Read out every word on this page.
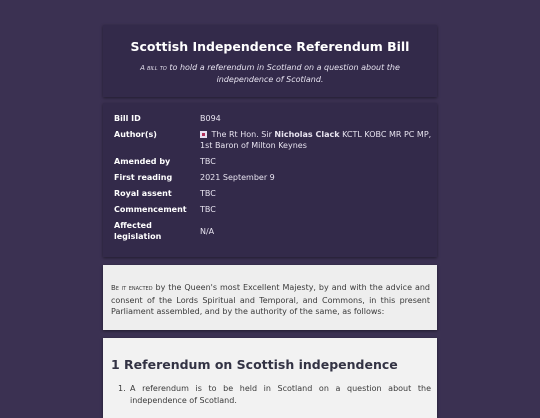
Scottish Independence Referendum Bill

A bill to to hold a referendum in Scotland on a question about the independence of Scotland.

Bill ID	B094
Author(s)	The Rt Hon. Sir Nicholas Clack KCTL KOBC MR PC MP, 1st Baron of Milton Keynes
Amended by	TBC
First reading	2021 September 9
Royal assent	TBC
Commencement	TBC
Affected legislation	N/A

Be it enacted by the Queen's most Excellent Majesty, by and with the advice and consent of the Lords Spiritual and Temporal, and Commons, in this present Parliament assembled, and by the authority of the same, as follows:

1 Referendum on Scottish independence
1. A referendum is to be held in Scotland on a question about the independence of Scotland.
